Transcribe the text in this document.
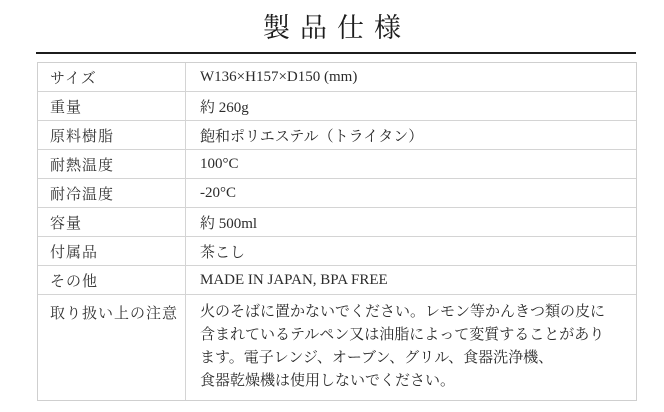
製品仕様
サイズ	W136×H157×D150 (mm)
重量	約 260g
原料樹脂	飽和ポリエステル（トライタン）
耐熱温度	100°C
耐冷温度	-20°C
容量	約 500ml
付属品	茶こし
その他	MADE IN JAPAN, BPA FREE
取り扱い上の注意	火のそばに置かないでください。レモン等かんきつ類の皮に
含まれているテルペン又は油脂によって変質することがあり
ます。電子レンジ、オーブン、グリル、食器洗浄機、
食器乾燥機は使用しないでください。
